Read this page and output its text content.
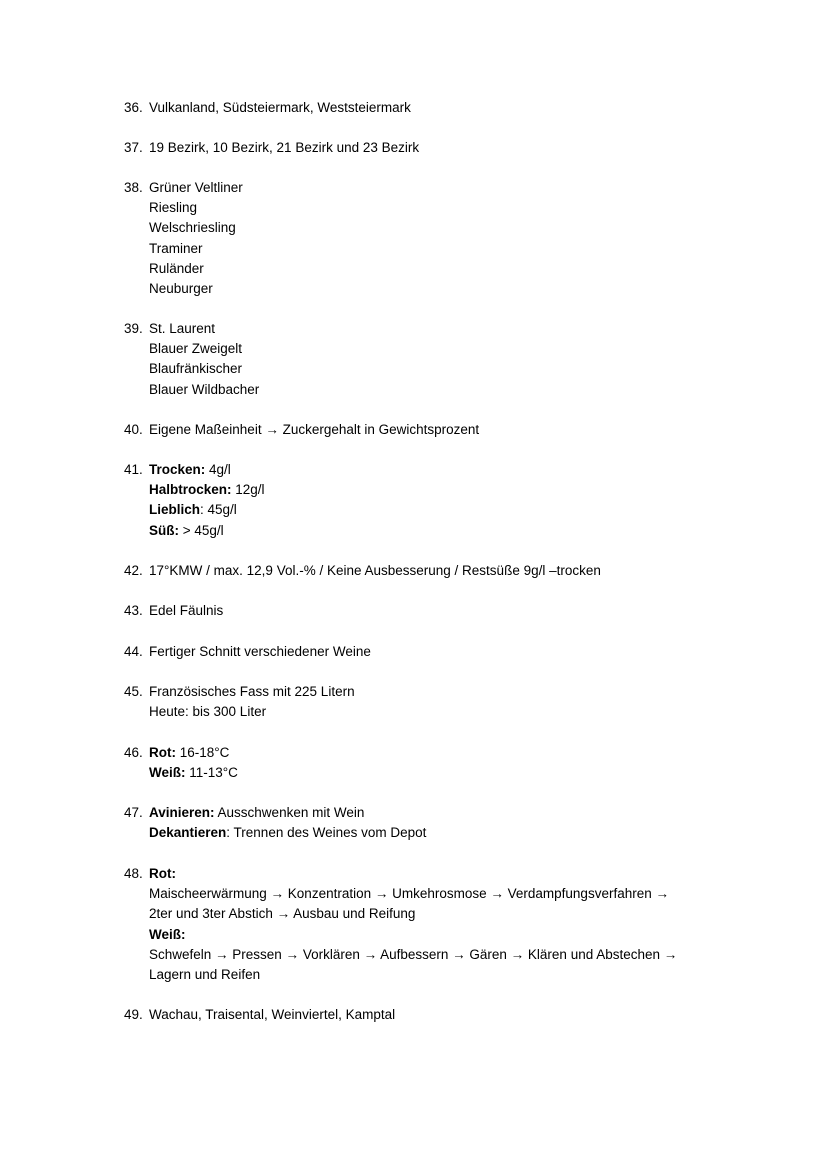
36. Vulkanland, Südsteiermark, Weststeiermark
37. 19 Bezirk, 10 Bezirk, 21 Bezirk und 23 Bezirk
38. Grüner Veltliner
Riesling
Welschriesling
Traminer
Ruländer
Neuburger
39. St. Laurent
Blauer Zweigelt
Blaufränkischer
Blauer Wildbacher
40. Eigene Maßeinheit → Zuckergehalt in Gewichtsprozent
41. Trocken: 4g/l
Halbtrocken: 12g/l
Lieblich: 45g/l
Süß: > 45g/l
42. 17°KMW / max. 12,9 Vol.-% / Keine Ausbesserung / Restsüße 9g/l –trocken
43. Edel Fäulnis
44. Fertiger Schnitt verschiedener Weine
45. Französisches Fass mit 225 Litern
Heute: bis 300 Liter
46. Rot: 16-18°C
Weiß: 11-13°C
47. Avinieren: Ausschwenken mit Wein
Dekantieren: Trennen des Weines vom Depot
48. Rot:
Maischeerwärmung → Konzentration → Umkehrosmose → Verdampfungsverfahren →
2ter und 3ter Abstich → Ausbau und Reifung
Weiß:
Schwefeln → Pressen → Vorklären → Aufbessern → Gären → Klären und Abstechen →
Lagern und Reifen
49. Wachau, Traisental, Weinviertel, Kamptal
